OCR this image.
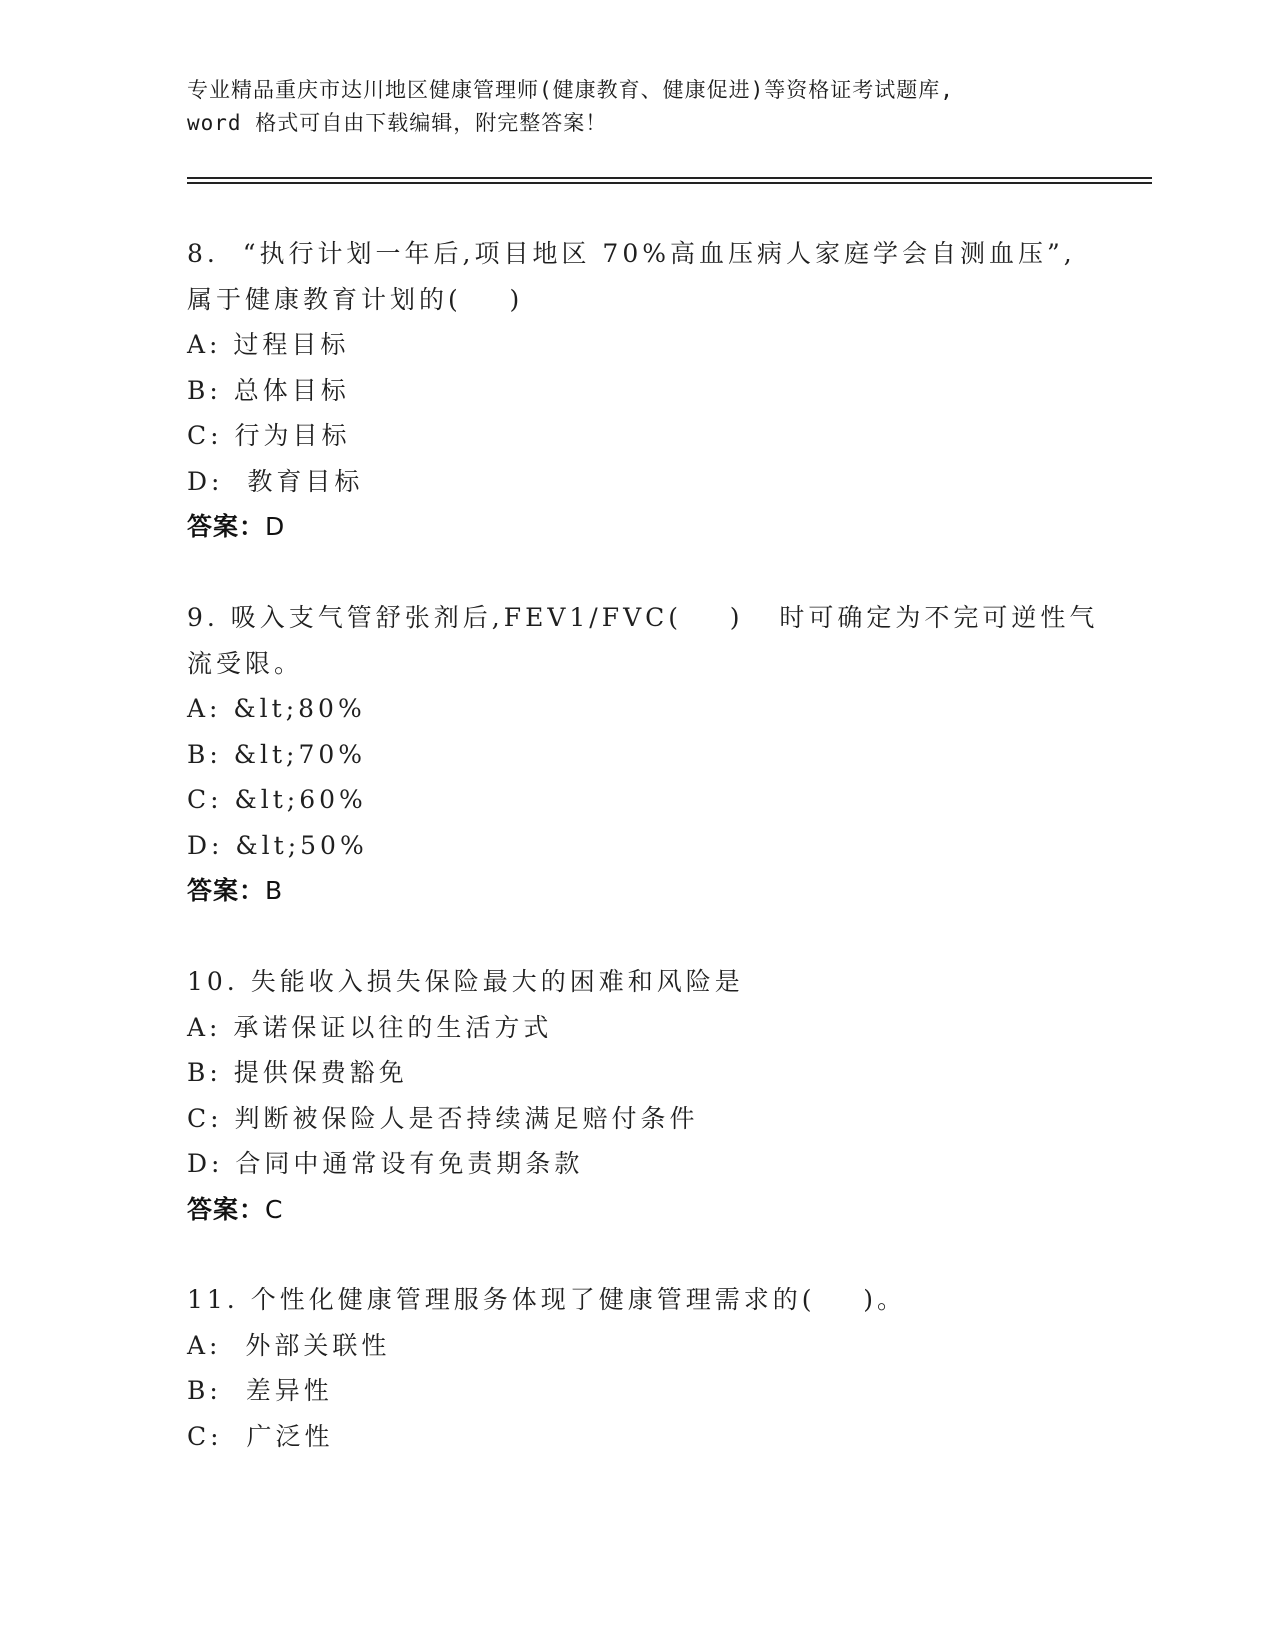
专业精品重庆市达川地区健康管理师(健康教育、健康促进)等资格证考试题库,
word 格式可自由下载编辑，附完整答案！
8.  “执行计划一年后,项目地区 70%高血压病人家庭学会自测血压”,
属于健康教育计划的(    )
A: 过程目标
B: 总体目标
C: 行为目标
D:  教育目标
答案：D
9. 吸入支气管舒张剂后,FEV1/FVC(    )   时可确定为不完可逆性气
流受限。
A: &lt;80%
B: &lt;70%
C: &lt;60%
D: &lt;50%
答案：B
10. 失能收入损失保险最大的困难和风险是
A: 承诺保证以往的生活方式
B: 提供保费豁免
C: 判断被保险人是否持续满足赔付条件
D: 合同中通常设有免责期条款
答案：C
11. 个性化健康管理服务体现了健康管理需求的(    )。
A:  外部关联性
B:  差异性
C:  广泛性
